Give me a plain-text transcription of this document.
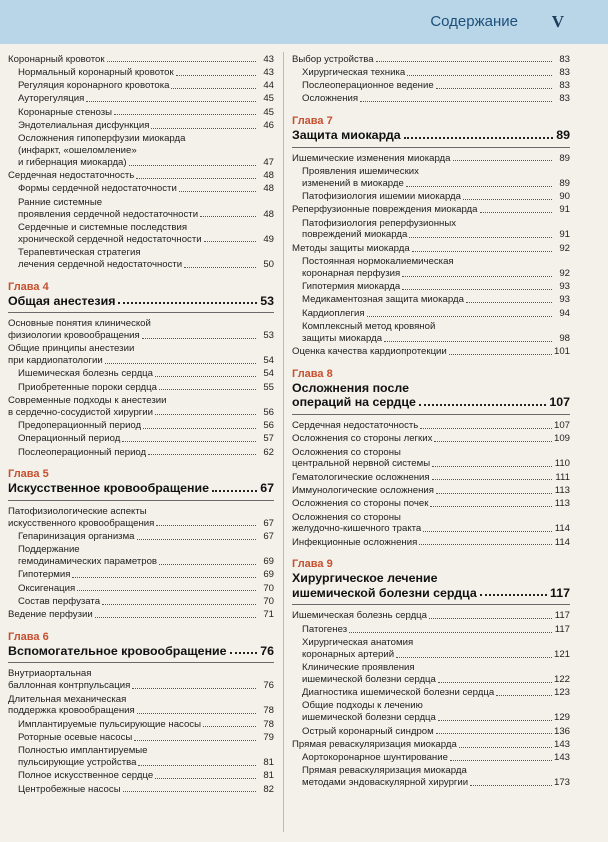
Содержание V
Коронарный кровоток	43
Нормальный коронарный кровоток	43
Регуляция коронарного кровотока	44
Ауторегуляция	45
Коронарные стенозы	45
Эндотелиальная дисфункция	46
Осложнения гипоперфузии миокарда
(инфаркт, «ошеломление»
и гибернация миокарда)	47
Сердечная недостаточность	48
Формы сердечной недостаточности	48
Ранние системные
проявления сердечной недостаточности	48
Сердечные и системные последствия
хронической сердечной недостаточности	49
Терапевтическая стратегия
лечения сердечной недостаточности	50
Глава 4
Общая анестезия	53
Основные понятия клинической
физиологии кровообращения	53
Общие принципы анестезии
при кардиопатологии	54
Ишемическая болезнь сердца	54
Приобретенные пороки сердца	55
Современные подходы к анестезии
в сердечно-сосудистой хирургии	56
Предоперационный период	56
Операционный период	57
Послеоперационный период	62
Глава 5
Искусственное кровообращение	67
Патофизиологические аспекты
искусственного кровообращения	67
Гепаринизация организма	67
Поддержание
гемодинамических параметров	69
Гипотермия	69
Оксигенация	70
Состав перфузата	70
Ведение перфузии	71
Глава 6
Вспомогательное кровообращение	76
Внутриаортальная
баллонная контрпульсация	76
Длительная механическая
поддержка кровообращения	78
Имплантируемые пульсирующие насосы	78
Роторные осевые насосы	79
Полностью имплантируемые
пульсирующие устройства	81
Полное искусственное сердце	81
Центробежные насосы	82
Выбор устройства	83
Хирургическая техника	83
Послеоперационное ведение	83
Осложнения	83
Глава 7
Защита миокарда	89
Ишемические изменения миокарда	89
Проявления ишемических
изменений в миокарде	89
Патофизиология ишемии миокарда	90
Реперфузионные повреждения миокарда	91
Патофизиология реперфузионных
повреждений миокарда	91
Методы защиты миокарда	92
Постоянная нормокалиемическая
коронарная перфузия	92
Гипотермия миокарда	93
Медикаментозная защита миокарда	93
Кардиоплегия	94
Комплексный метод кровяной
защиты миокарда	98
Оценка качества кардиопротекции	101
Глава 8
Осложнения после
операций на сердце	107
Сердечная недостаточность	107
Осложнения со стороны легких	109
Осложнения со стороны
центральной нервной системы	110
Гематологические осложнения	111
Иммунологические осложнения	113
Осложнения со стороны почек	113
Осложнения со стороны
желудочно-кишечного тракта	114
Инфекционные осложнения	114
Глава 9
Хирургическое лечение
ишемической болезни сердца	117
Ишемическая болезнь сердца	117
Патогенез	117
Хирургическая анатомия
коронарных артерий	121
Клинические проявления
ишемической болезни сердца	122
Диагностика ишемической болезни сердца	123
Общие подходы к лечению
ишемической болезни сердца	129
Острый коронарный синдром	136
Прямая реваскуляризация миокарда	143
Аортокоронарное шунтирование	143
Прямая реваскуляризация миокарда
методами эндоваскулярной хирургии	173
